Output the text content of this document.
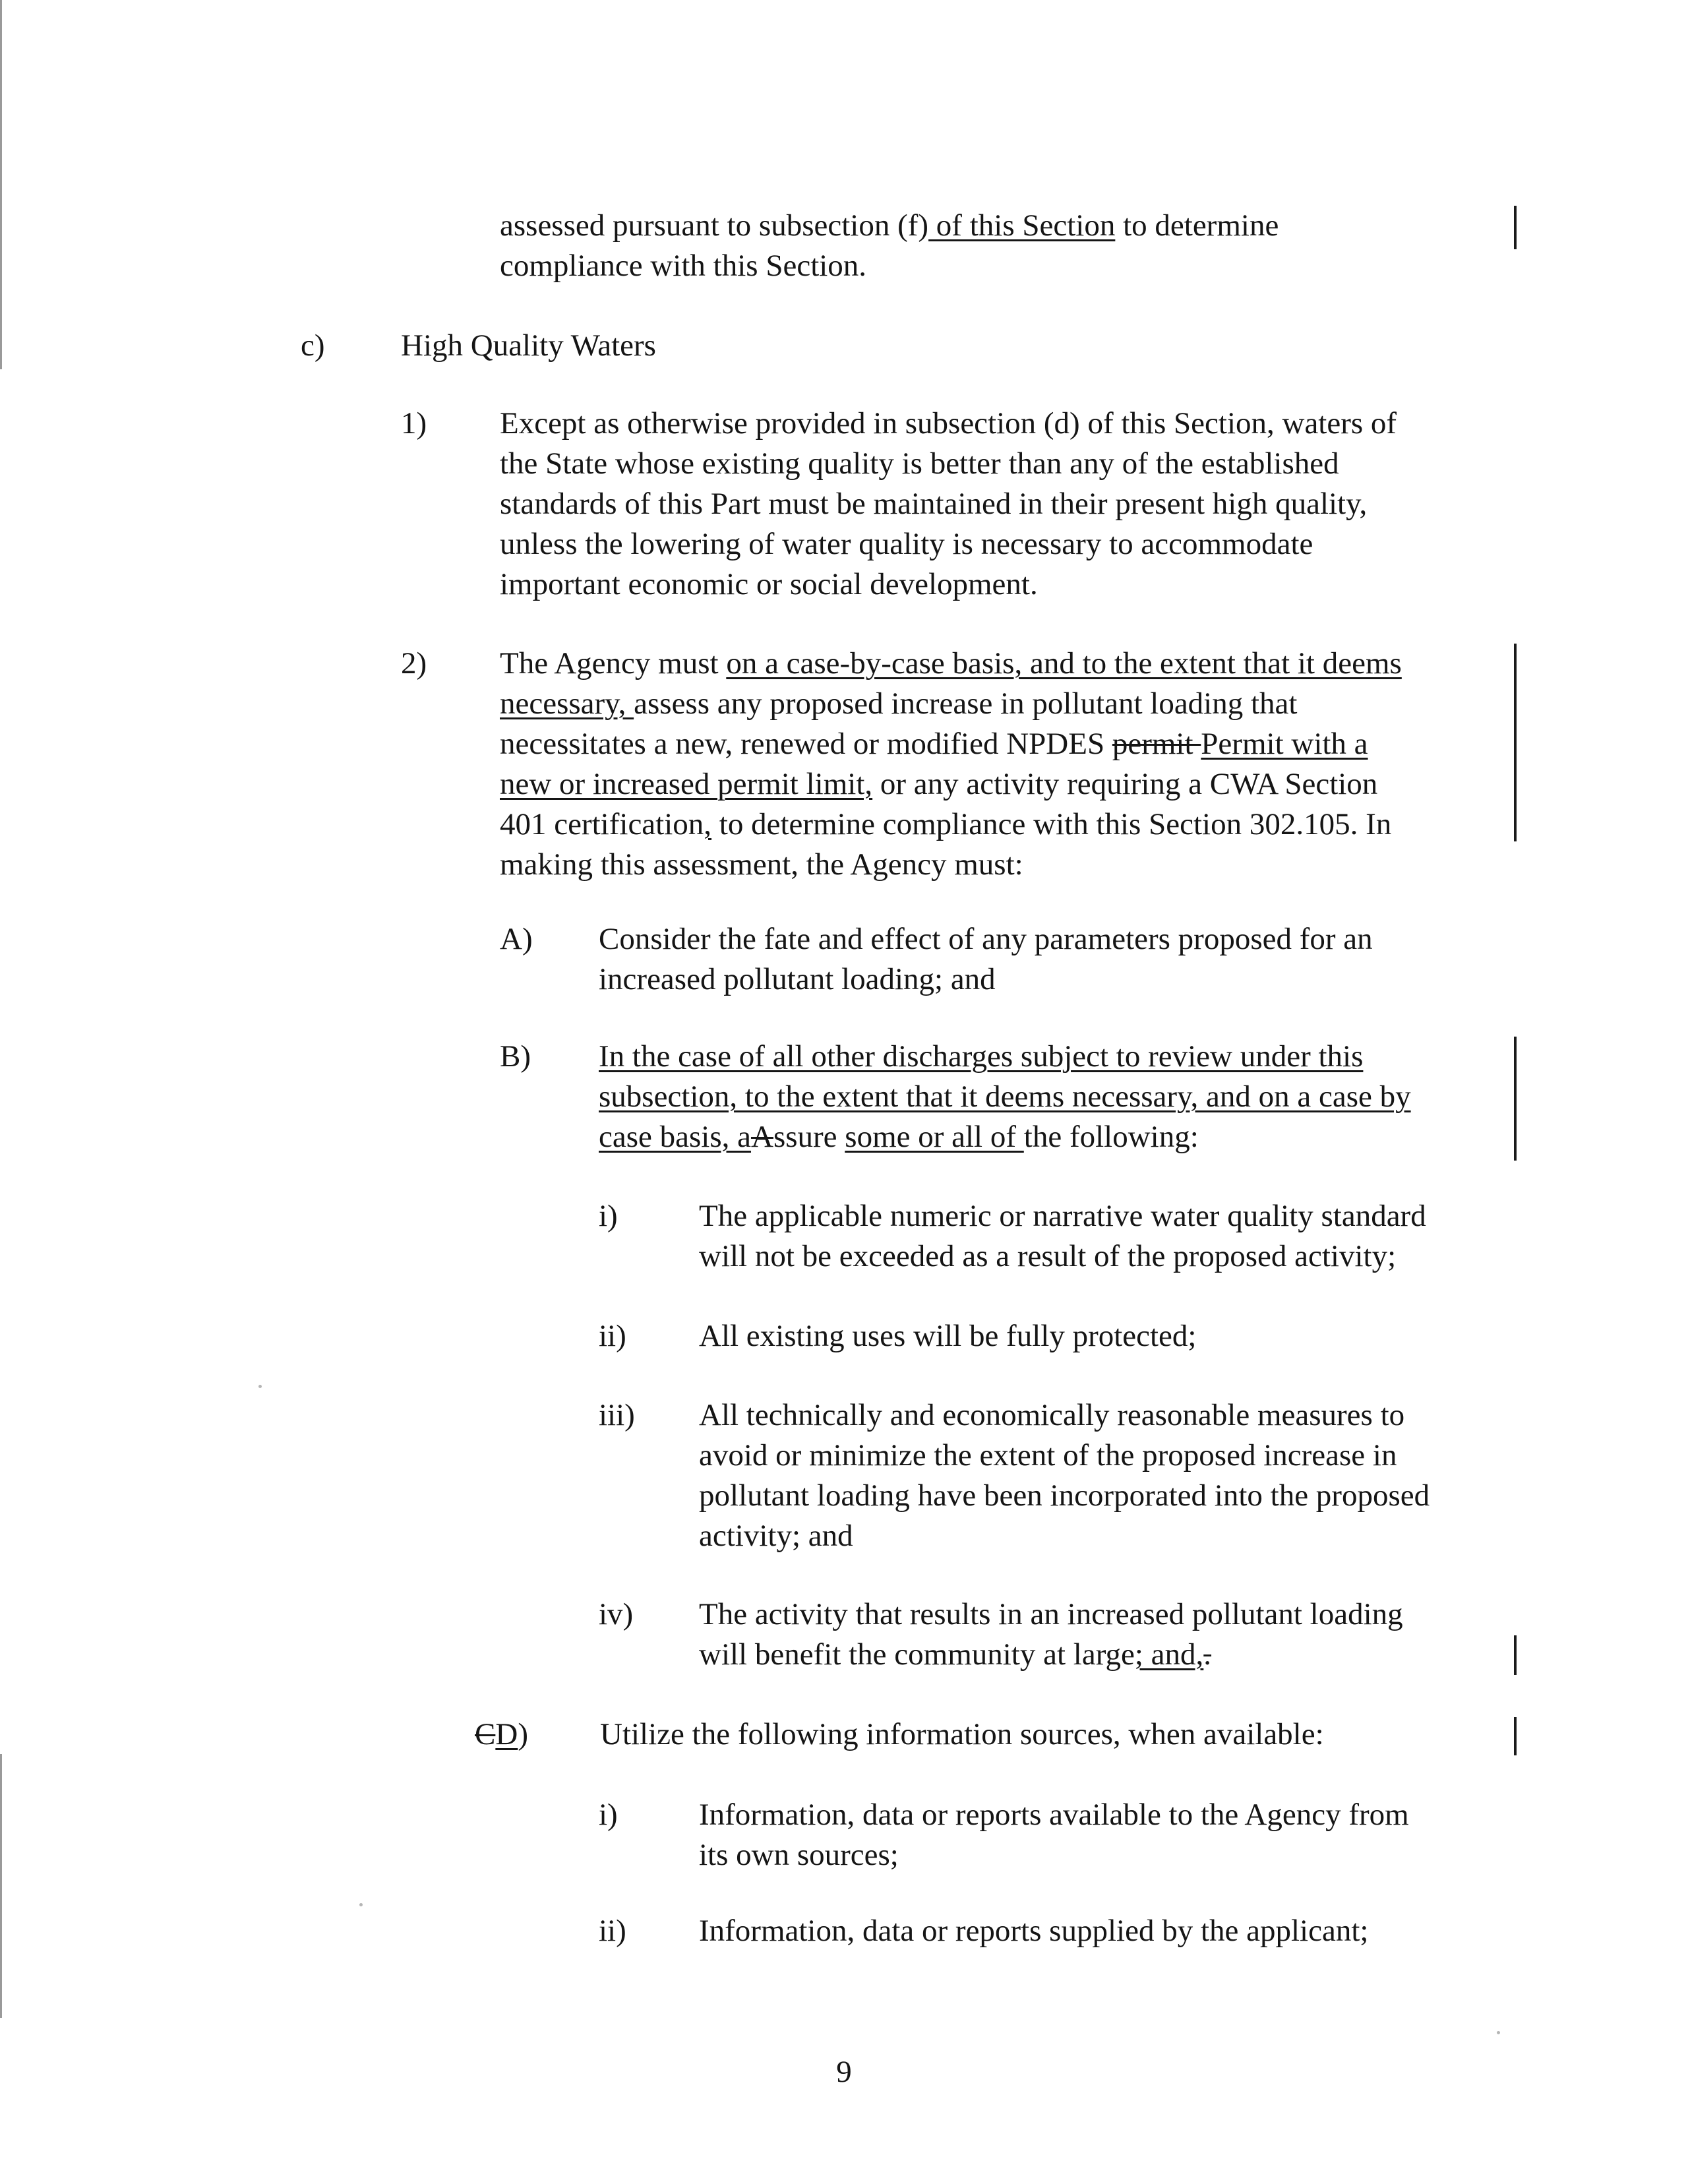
assessed pursuant to subsection (f) of this Section to determine
compliance with this Section.
c) High Quality Waters
1) Except as otherwise provided in subsection (d) of this Section, waters of
the State whose existing quality is better than any of the established
standards of this Part must be maintained in their present high quality,
unless the lowering of water quality is necessary to accommodate
important economic or social development.
2) The Agency must on a case-by-case basis, and to the extent that it deems
necessary, assess any proposed increase in pollutant loading that
necessitates a new, renewed or modified NPDES permit Permit with a
new or increased permit limit, or any activity requiring a CWA Section
401 certification, to determine compliance with this Section 302.105. In
making this assessment, the Agency must:
A) Consider the fate and effect of any parameters proposed for an
increased pollutant loading; and
B) In the case of all other discharges subject to review under this
subsection, to the extent that it deems necessary, and on a case by
case basis, aAssure some or all of the following:
i)	The applicable numeric or narrative water quality standard
will not be exceeded as a result of the proposed activity;
ii) All existing uses will be fully protected;
iii) All technically and economically reasonable measures to
avoid or minimize the extent of the proposed increase in
pollutant loading have been incorporated into the proposed
activity; and
iv) The activity that results in an increased pollutant loading
will benefit the community at large; and,.
CD) Utilize the following information sources, when available:
i)	Information, data or reports available to the Agency from
its own sources;
ii) Information, data or reports supplied by the applicant;
9
